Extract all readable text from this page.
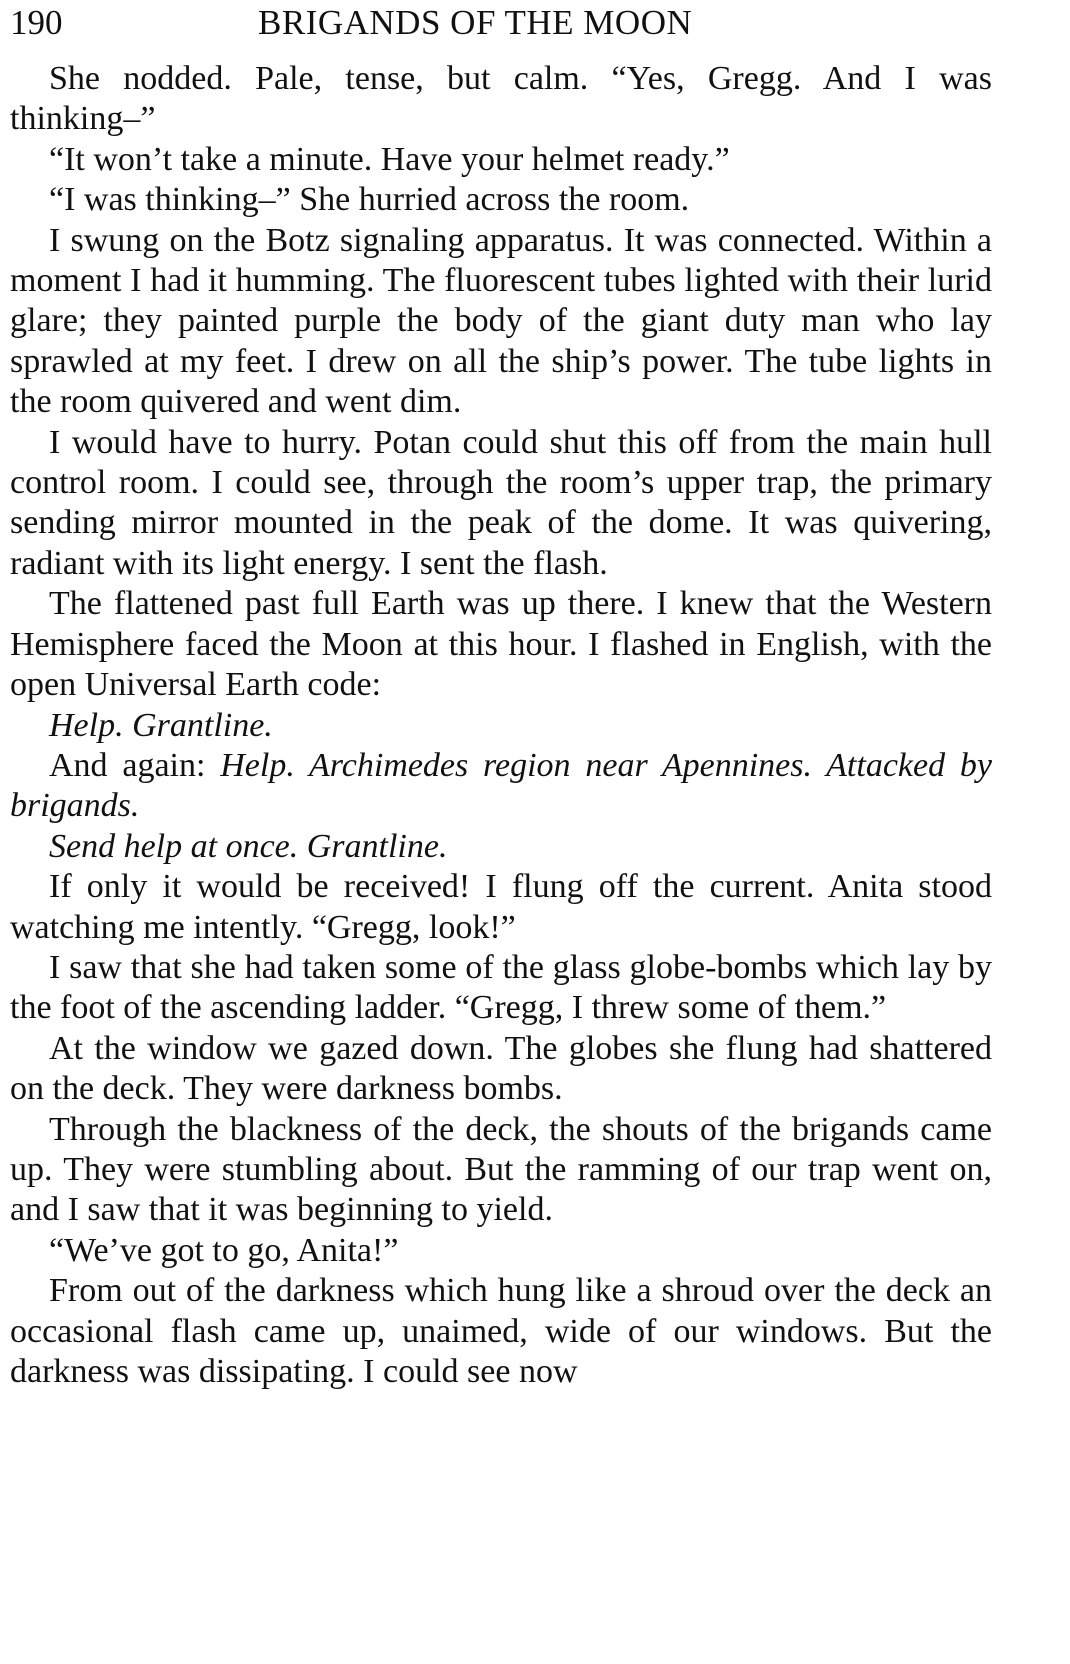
190	BRIGANDS OF THE MOON

She nodded. Pale, tense, but calm. “Yes, Gregg. And I was thinking–”

“It won’t take a minute. Have your helmet ready.”

“I was thinking–” She hurried across the room.

I swung on the Botz signaling apparatus. It was connected. Within a moment I had it humming. The fluorescent tubes lighted with their lurid glare; they painted purple the body of the giant duty man who lay sprawled at my feet. I drew on all the ship’s power. The tube lights in the room quivered and went dim.

I would have to hurry. Potan could shut this off from the main hull control room. I could see, through the room’s upper trap, the primary sending mirror mounted in the peak of the dome. It was quivering, radiant with its light energy. I sent the flash.

The flattened past full Earth was up there. I knew that the Western Hemisphere faced the Moon at this hour. I flashed in English, with the open Universal Earth code:

Help. Grantline.

And again: Help. Archimedes region near Apennines. Attacked by brigands.

Send help at once. Grantline.

If only it would be received! I flung off the current. Anita stood watching me intently. “Gregg, look!”

I saw that she had taken some of the glass globe-bombs which lay by the foot of the ascending ladder. “Gregg, I threw some of them.”

At the window we gazed down. The globes she flung had shattered on the deck. They were darkness bombs.

Through the blackness of the deck, the shouts of the brigands came up. They were stumbling about. But the ramming of our trap went on, and I saw that it was beginning to yield.

“We’ve got to go, Anita!”

From out of the darkness which hung like a shroud over the deck an occasional flash came up, unaimed, wide of our windows. But the darkness was dissipating. I could see now
